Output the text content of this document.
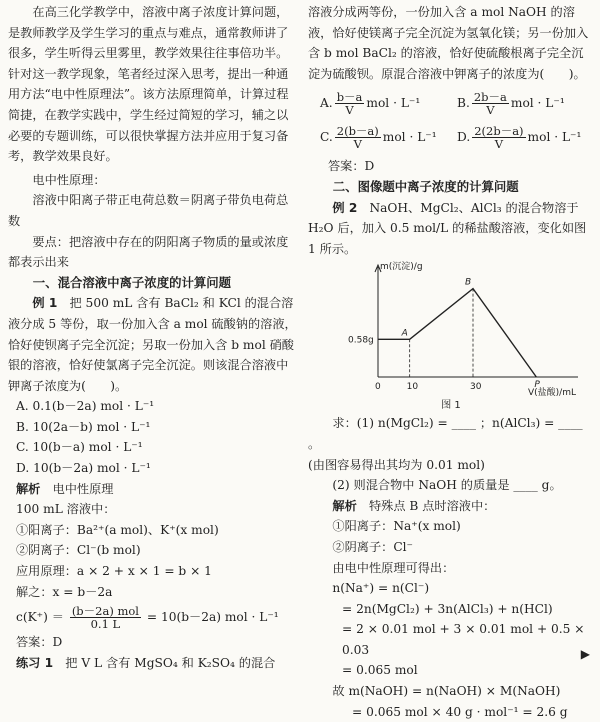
在高三化学教学中，溶液中离子浓度计算问题，是教师教学及学生学习的重点与难点，通常教师讲了很多，学生听得云里雾里，教学效果往往事倍功半。针对这一教学现象，笔者经过深入思考，提出一种通用方法“电中性原理法”。该方法原理简单，计算过程简捷，在教学实践中，学生经过简短的学习，辅之以必要的专题训练，可以很快掌握方法并应用于复习备考，教学效果良好。

电中性原理：

溶液中阳离子带正电荷总数＝阴离子带负电荷总数

要点：把溶液中存在的阴阳离子物质的量或浓度都表示出来

一、混合溶液中离子浓度的计算问题

例 1　 把 500 mL 含有 BaCl₂ 和 KCl 的混合溶液分成 5 等份，取一份加入含 a mol 硫酸钠的溶液，恰好使钡离子完全沉淀；另取一份加入含 b mol 硝酸银的溶液，恰好使氯离子完全沉淀。则该混合溶液中钾离子浓度为(　　)。

A. 0.1(b－2a) mol · L⁻¹
B. 10(2a－b) mol · L⁻¹
C. 10(b－a) mol · L⁻¹
D. 10(b－2a) mol · L⁻¹

解析　 电中性原理

100 mL 溶液中：

①阳离子：Ba²⁺(a mol)、K⁺(x mol)

②阴离子：Cl⁻(b mol)

应用原理：a × 2 + x × 1 = b × 1

解之：x = b－2a

$c(K^+) = \frac{\text{(b－2a) mol}}{0.1 L} = 10(b-2a)$ mol · L⁻¹

答案：D

练习 1　 把 V L 含有 MgSO₄ 和 K₂SO₄ 的混合

溶液分成两等份，一份加入含 a mol NaOH 的溶液，恰好使镁离子完全沉淀为氢氧化镁；另一份加入含 b mol BaCl₂ 的溶液，恰好使硫酸根离子完全沉淀为硫酸钡。原混合溶液中钾离子的浓度为(　　)。

A. $\frac{b-a}{V}$ mol · L⁻¹	B. $\frac{2b-a}{V}$ mol · L⁻¹
C. $\frac{2(b-a)}{V}$ mol · L⁻¹	D. $\frac{2(2b-a)}{V}$ mol · L⁻¹

答案：D

二、图像题中离子浓度的计算问题

例 2　 NaOH、MgCl₂、AlCl₃ 的混合物溶于 H₂O 后，加入 0.5 mol/L 的稀盐酸溶液，变化如图 1 所示。

m(沉淀)/g
V(盐酸)/mL
A
B
P
0	10	30
0.58g
图 1

求：(1) n(MgCl₂) = ____ ；n(AlCl₃) = ____ 。

(由图容易得出其均为 0.01 mol)

(2) 则混合物中 NaOH 的质量是 ____ g。

解析　 特殊点 B 点时溶液中：

①阳离子：Na⁺(x mol)

②阴离子：Cl⁻

由电中性原理可得出：

n(Na⁺) = n(Cl⁻)

= 2n(MgCl₂) + 3n(AlCl₃) + n(HCl)

= 2 × 0.01 mol + 3 × 0.01 mol + 0.5 × 0.03

= 0.065 mol

故 m(NaOH) = n(NaOH) × M(NaOH)

= 0.065 mol × 40 g · mol⁻¹ = 2.6 g

▶
